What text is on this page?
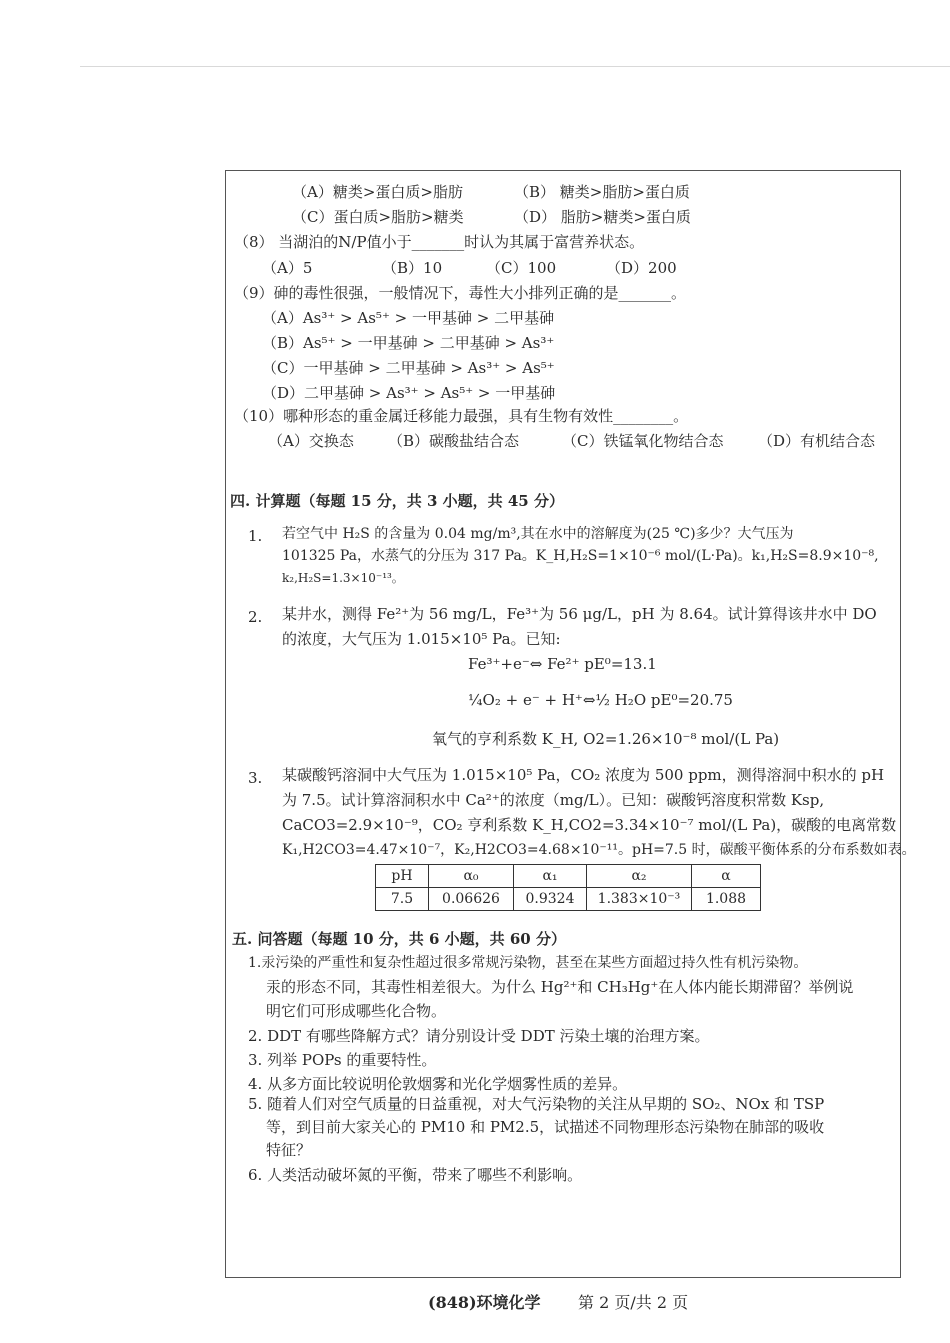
（A）糖类>蛋白质>脂肪	（B） 糖类>脂肪>蛋白质
（C）蛋白质>脂肪>糖类	（D） 脂肪>糖类>蛋白质
（8） 当湖泊的N/P值小于_______时认为其属于富营养状态。
（A）5	（B）10	（C）100	（D）200
（9）砷的毒性很强，一般情况下，毒性大小排列正确的是_______。
（A）As³⁺ > As⁵⁺ > 一甲基砷 > 二甲基砷
（B）As⁵⁺ > 一甲基砷 > 二甲基砷 > As³⁺
（C）一甲基砷 > 二甲基砷 > As³⁺ > As⁵⁺
（D）二甲基砷 > As³⁺ > As⁵⁺ > 一甲基砷
（10）哪种形态的重金属迁移能力最强，具有生物有效性________。
（A）交换态 （B）碳酸盐结合态	（C）铁锰氧化物结合态 （D）有机结合态
四. 计算题（每题 15 分，共 3 小题，共 45 分）
1. 若空气中 H₂S 的含量为 0.04 mg/m³,其在水中的溶解度为(25 ℃)多少？大气压为
101325 Pa，水蒸气的分压为 317 Pa。K_H,H₂S=1×10⁻⁶ mol/(L·Pa)。k₁,H₂S=8.9×10⁻⁸,
k₂,H₂S=1.3×10⁻¹³。
2. 某井水，测得 Fe²⁺为 56 mg/L，Fe³⁺为 56 μg/L，pH 为 8.64。试计算得该井水中 DO
的浓度，大气压为 1.015×10⁵ Pa。已知:
Fe³⁺+e⁻⇔ Fe²⁺ pE⁰=13.1
¼O₂ + e⁻ + H⁺⇔½ H₂O pE⁰=20.75
氧气的亨利系数 K_H, O2=1.26×10⁻⁸ mol/(L Pa)
3. 某碳酸钙溶洞中大气压为 1.015×10⁵ Pa，CO₂ 浓度为 500 ppm，测得溶洞中积水的 pH
为 7.5。试计算溶洞积水中 Ca²⁺的浓度（mg/L）。已知：碳酸钙溶度积常数 Ksp,
CaCO3=2.9×10⁻⁹，CO₂ 亨利系数 K_H,CO2=3.34×10⁻⁷ mol/(L Pa)，碳酸的电离常数
K₁,H2CO3=4.47×10⁻⁷，K₂,H2CO3=4.68×10⁻¹¹。pH=7.5 时，碳酸平衡体系的分布系数如表。
pH	α₀	α₁	α₂	α
7.5	0.06626	0.9324	1.383×10⁻³	1.088
五. 问答题（每题 10 分，共 6 小题，共 60 分）
1.汞污染的严重性和复杂性超过很多常规污染物，甚至在某些方面超过持久性有机污染物。
汞的形态不同，其毒性相差很大。为什么 Hg²⁺和 CH₃Hg⁺在人体内能长期滞留？举例说
明它们可形成哪些化合物。
2. DDT 有哪些降解方式？请分别设计受 DDT 污染土壤的治理方案。
3. 列举 POPs 的重要特性。
4. 从多方面比较说明伦敦烟雾和光化学烟雾性质的差异。
5. 随着人们对空气质量的日益重视，对大气污染物的关注从早期的 SO₂、NOx 和 TSP
等，到目前大家关心的 PM10 和 PM2.5，试描述不同物理形态污染物在肺部的吸收
特征？
6. 人类活动破坏氮的平衡，带来了哪些不利影响。
(848)环境化学 第 2 页/共 2 页
